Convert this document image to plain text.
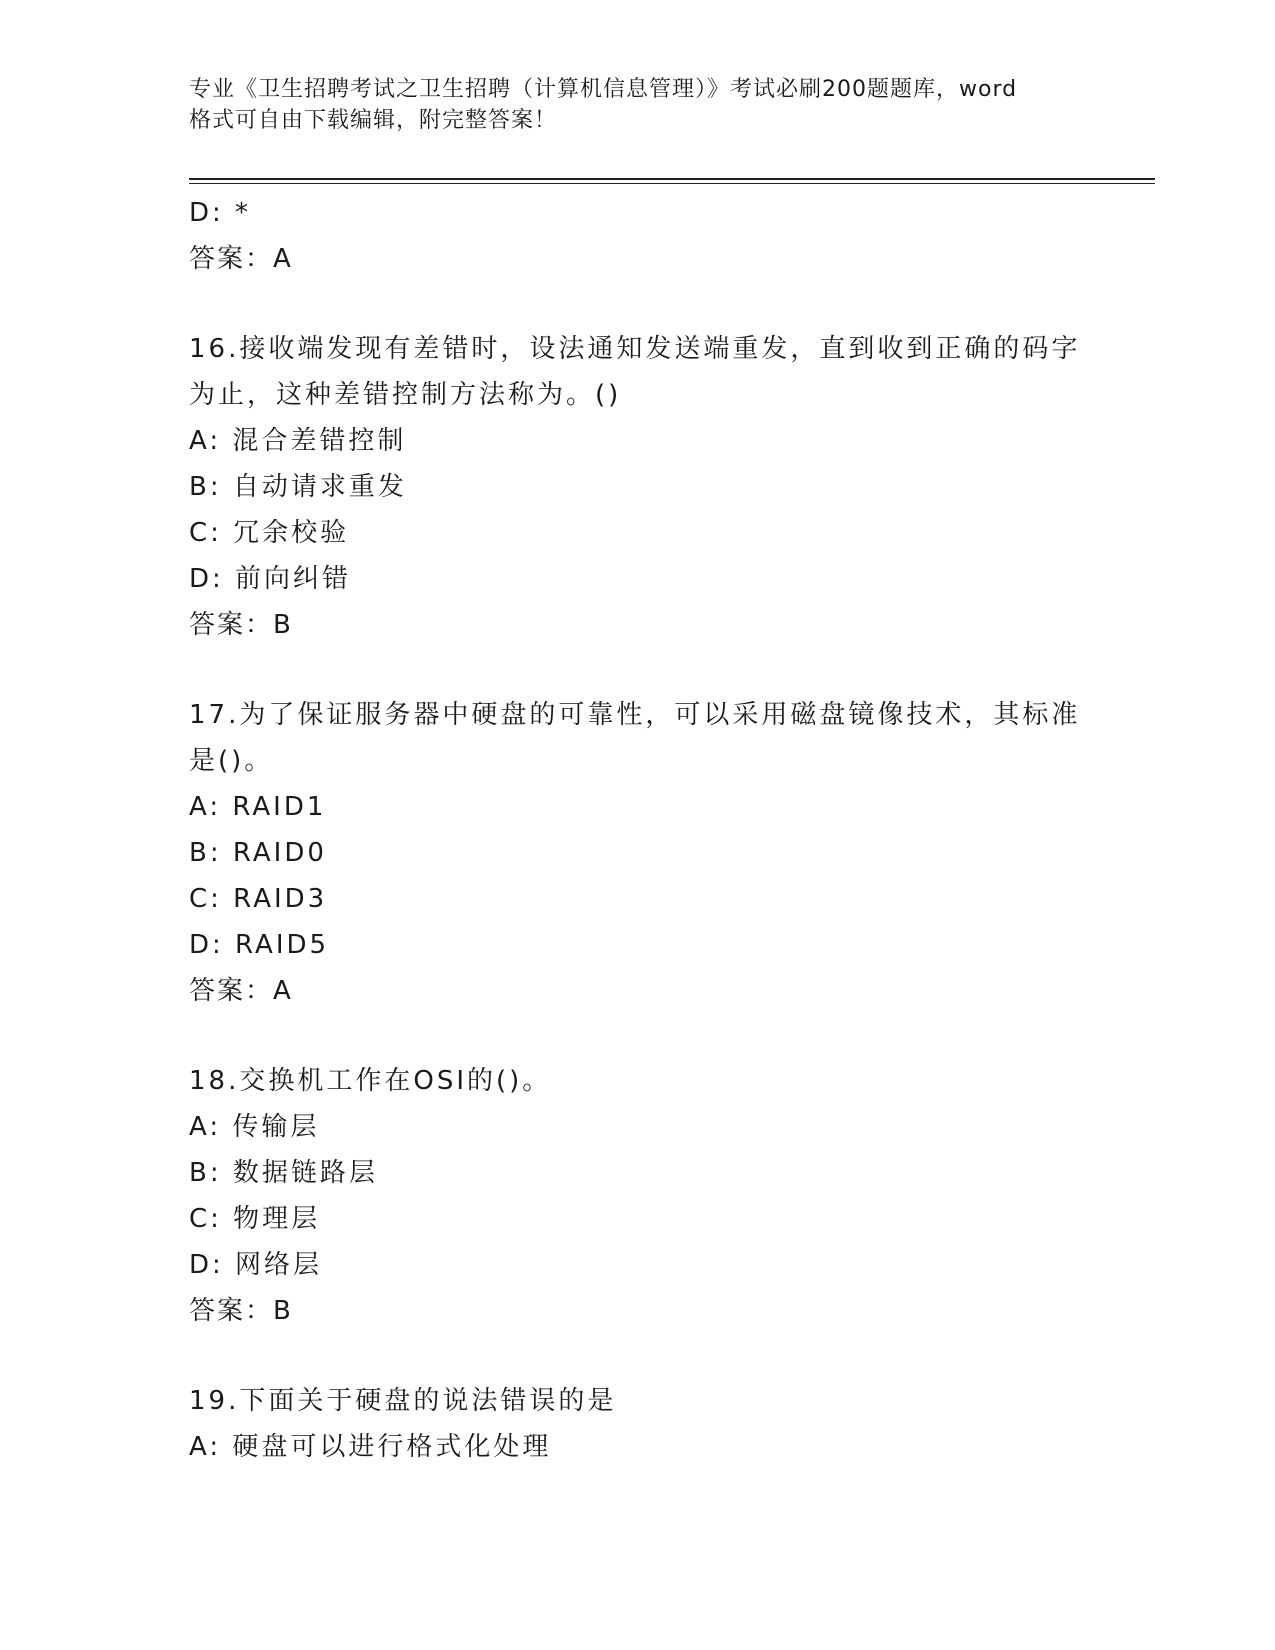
专业《卫生招聘考试之卫生招聘（计算机信息管理）》考试必刷200题题库，word
格式可自由下载编辑，附完整答案！
D: *
答案：A
16.接收端发现有差错时，设法通知发送端重发，直到收到正确的码字
为止，这种差错控制方法称为。()
A: 混合差错控制
B: 自动请求重发
C: 冗余校验
D: 前向纠错
答案：B
17.为了保证服务器中硬盘的可靠性，可以采用磁盘镜像技术，其标准
是()。
A: RAID1
B: RAID0
C: RAID3
D: RAID5
答案：A
18.交换机工作在OSI的()。
A: 传输层
B: 数据链路层
C: 物理层
D: 网络层
答案：B
19.下面关于硬盘的说法错误的是
A: 硬盘可以进行格式化处理
